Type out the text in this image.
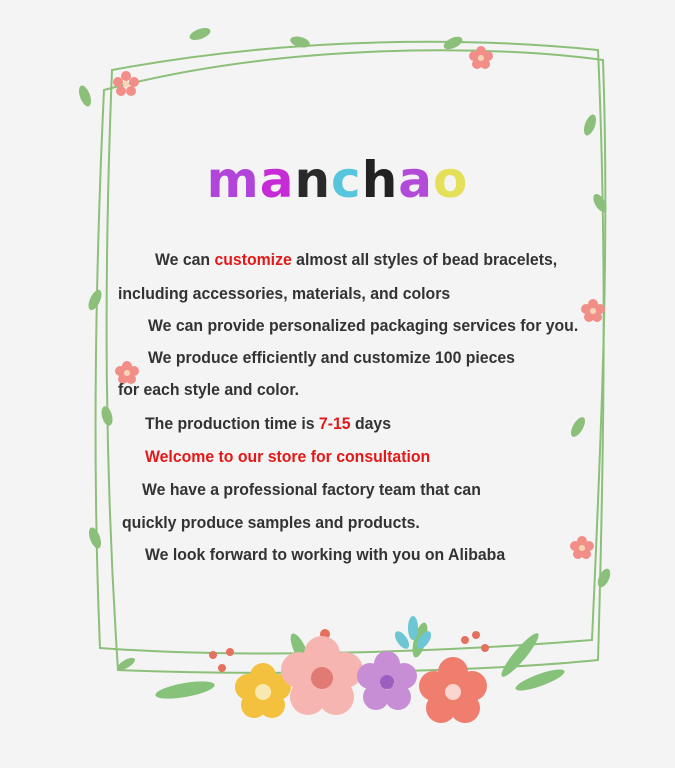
manchao
We can customize almost all styles of bead bracelets,
including accessories, materials, and colors
We can provide personalized packaging services for you.
We produce efficiently and customize 100 pieces
for each style and color.
The production time is 7-15 days
Welcome to our store for consultation
We have a professional factory team that can
quickly produce samples and products.
We look forward to working with you on Alibaba
